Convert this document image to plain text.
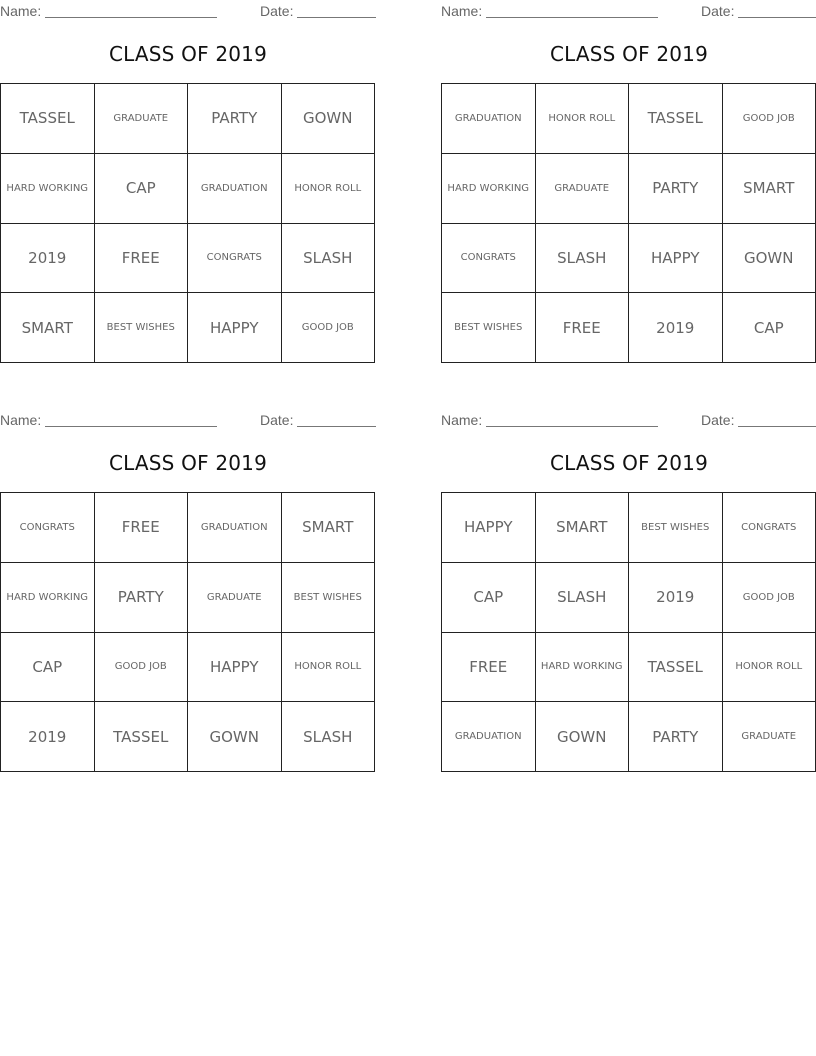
Name:	Date:
CLASS OF 2019
TASSEL	GRADUATE	PARTY	GOWN
HARD WORKING	CAP	GRADUATION	HONOR ROLL
2019	FREE	CONGRATS	SLASH
SMART	BEST WISHES	HAPPY	GOOD JOB
Name:	Date:
CLASS OF 2019
GRADUATION	HONOR ROLL	TASSEL	GOOD JOB
HARD WORKING	GRADUATE	PARTY	SMART
CONGRATS	SLASH	HAPPY	GOWN
BEST WISHES	FREE	2019	CAP
Name:	Date:
CLASS OF 2019
CONGRATS	FREE	GRADUATION	SMART
HARD WORKING	PARTY	GRADUATE	BEST WISHES
CAP	GOOD JOB	HAPPY	HONOR ROLL
2019	TASSEL	GOWN	SLASH
Name:	Date:
CLASS OF 2019
HAPPY	SMART	BEST WISHES	CONGRATS
CAP	SLASH	2019	GOOD JOB
FREE	HARD WORKING	TASSEL	HONOR ROLL
GRADUATION	GOWN	PARTY	GRADUATE
